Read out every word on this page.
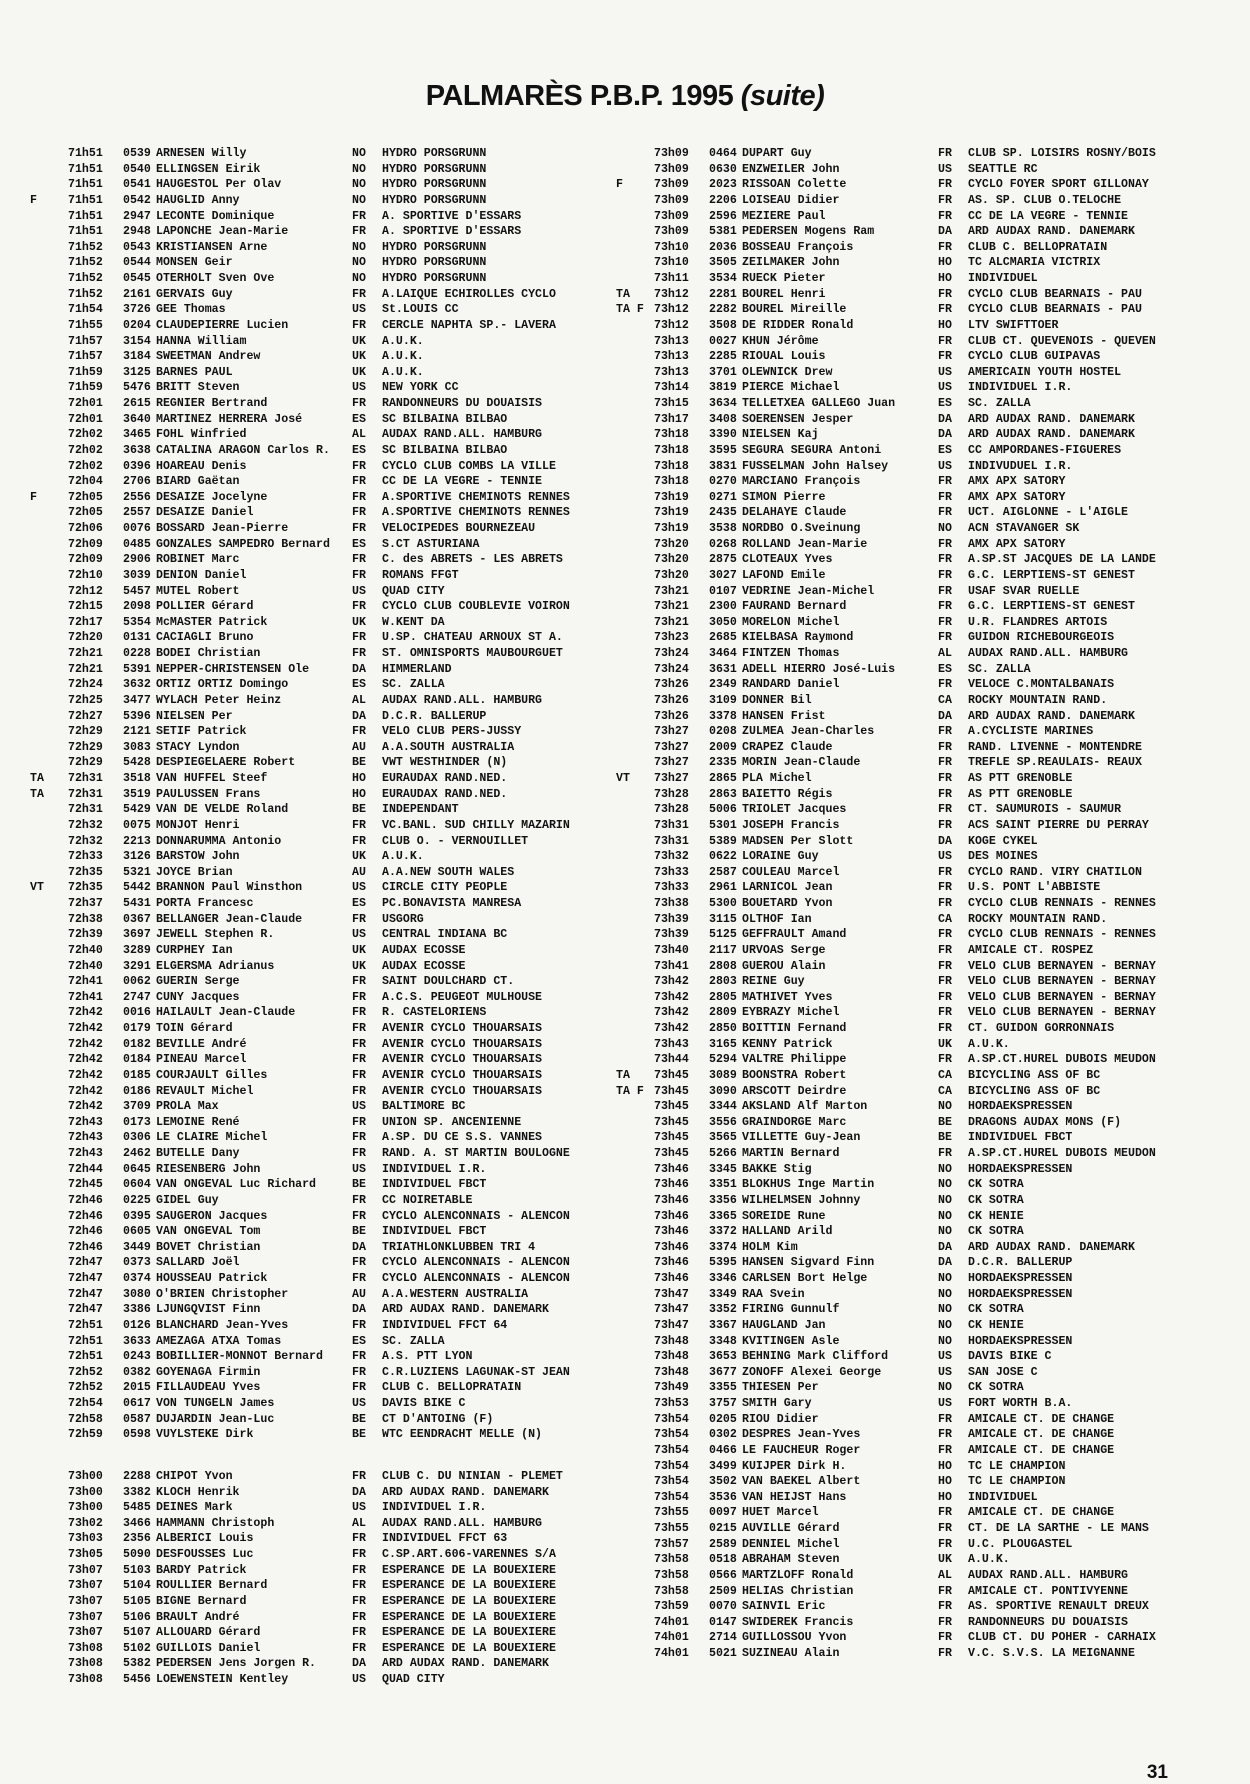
PALMARÈS P.B.P. 1995 (suite)
71h51 0539 ARNESEN Willy	NO HYDRO PORSGRUNN
71h51 0540 ELLINGSEN Eirik	NO HYDRO PORSGRUNN
71h51 0541 HAUGESTOL Per Olav	NO HYDRO PORSGRUNN
F	71h51 0542 HAUGLID Anny	NO HYDRO PORSGRUNN
71h51 2947 LECONTE Dominique	FR A. SPORTIVE D'ESSARS
71h51 2948 LAPONCHE Jean-Marie	FR A. SPORTIVE D'ESSARS
71h52 0543 KRISTIANSEN Arne	NO HYDRO PORSGRUNN
71h52 0544 MONSEN Geir	NO HYDRO PORSGRUNN
71h52 0545 OTERHOLT Sven Ove	NO HYDRO PORSGRUNN
71h52 2161 GERVAIS Guy	FR A.LAIQUE ECHIROLLES CYCLO
71h54 3726 GEE Thomas	US St.LOUIS CC
71h55 0204 CLAUDEPIERRE Lucien	FR CERCLE NAPHTA SP.- LAVERA
71h57 3154 HANNA William	UK A.U.K.
71h57 3184 SWEETMAN Andrew	UK A.U.K.
71h59 3125 BARNES PAUL	UK A.U.K.
71h59 5476 BRITT Steven	US NEW YORK CC
72h01 2615 REGNIER Bertrand	FR RANDONNEURS DU DOUAISIS
72h01 3640 MARTINEZ HERRERA José	ES SC BILBAINA BILBAO
72h02 3465 FOHL Winfried	AL AUDAX RAND.ALL. HAMBURG
72h02 3638 CATALINA ARAGON Carlos R. ES SC BILBAINA BILBAO
72h02 0396 HOAREAU Denis	FR CYCLO CLUB COMBS LA VILLE
72h04 2706 BIARD Gaëtan	FR CC DE LA VEGRE - TENNIE
F	72h05 2556 DESAIZE Jocelyne	FR A.SPORTIVE CHEMINOTS RENNES
72h05 2557 DESAIZE Daniel	FR A.SPORTIVE CHEMINOTS RENNES
72h06 0076 BOSSARD Jean-Pierre	FR VELOCIPEDES BOURNEZEAU
72h09 0485 GONZALES SAMPEDRO Bernard ES S.CT ASTURIANA
72h09 2906 ROBINET Marc	FR C. des ABRETS - LES ABRETS
72h10 3039 DENION Daniel	FR ROMANS FFGT
72h12 5457 MUTEL Robert	US QUAD CITY
72h15 2098 POLLIER Gérard	FR CYCLO CLUB COUBLEVIE VOIRON
72h17 5354 McMASTER Patrick	UK W.KENT DA
72h20 0131 CACIAGLI Bruno	FR U.SP. CHATEAU ARNOUX ST A.
72h21 0228 BODEI Christian	FR ST. OMNISPORTS MAUBOURGUET
72h21 5391 NEPPER-CHRISTENSEN Ole	DA HIMMERLAND
72h24 3632 ORTIZ ORTIZ Domingo	ES SC. ZALLA
72h25 3477 WYLACH Peter Heinz	AL AUDAX RAND.ALL. HAMBURG
72h27 5396 NIELSEN Per	DA D.C.R. BALLERUP
72h29 2121 SETIF Patrick	FR VELO CLUB PERS-JUSSY
72h29 3083 STACY Lyndon	AU A.A.SOUTH AUSTRALIA
72h29 5428 DESPIEGELAERE Robert	BE VWT WESTHINDER (N)
TA 72h31 3518 VAN HUFFEL Steef	HO EURAUDAX RAND.NED.
TA 72h31 3519 PAULUSSEN Frans	HO EURAUDAX RAND.NED.
72h31 5429 VAN DE VELDE Roland	BE INDEPENDANT
72h32 0075 MONJOT Henri	FR VC.BANL. SUD CHILLY MAZARIN
72h32 2213 DONNARUMMA Antonio	FR CLUB O. - VERNOUILLET
72h33 3126 BARSTOW John	UK A.U.K.
72h35 5321 JOYCE Brian	AU A.A.NEW SOUTH WALES
VT 72h35 5442 BRANNON Paul Winsthon	US CIRCLE CITY PEOPLE
72h37 5431 PORTA Francesc	ES PC.BONAVISTA MANRESA
72h38 0367 BELLANGER Jean-Claude	FR USGORG
72h39 3697 JEWELL Stephen R.	US CENTRAL INDIANA BC
72h40 3289 CURPHEY Ian	UK AUDAX ECOSSE
72h40 3291 ELGERSMA Adrianus	UK AUDAX ECOSSE
72h41 0062 GUERIN Serge	FR SAINT DOULCHARD CT.
72h41 2747 CUNY Jacques	FR A.C.S. PEUGEOT MULHOUSE
72h42 0016 HAILAULT Jean-Claude	FR R. CASTELORIENS
72h42 0179 TOIN Gérard	FR AVENIR CYCLO THOUARSAIS
72h42 0182 BEVILLE André	FR AVENIR CYCLO THOUARSAIS
72h42 0184 PINEAU Marcel	FR AVENIR CYCLO THOUARSAIS
72h42 0185 COURJAULT Gilles	FR AVENIR CYCLO THOUARSAIS
72h42 0186 REVAULT Michel	FR AVENIR CYCLO THOUARSAIS
72h42 3709 PROLA Max	US BALTIMORE BC
72h43 0173 LEMOINE René	FR UNION SP. ANCENIENNE
72h43 0306 LE CLAIRE Michel	FR A.SP. DU CE S.S. VANNES
72h43 2462 BUTELLE Dany	FR RAND. A. ST MARTIN BOULOGNE
72h44 0645 RIESENBERG John	US INDIVIDUEL I.R.
72h45 0604 VAN ONGEVAL Luc Richard	BE INDIVIDUEL FBCT
72h46 0225 GIDEL Guy	FR CC NOIRETABLE
72h46 0395 SAUGERON Jacques	FR CYCLO ALENCONNAIS - ALENCON
72h46 0605 VAN ONGEVAL Tom	BE INDIVIDUEL FBCT
72h46 3449 BOVET Christian	DA TRIATHLONKLUBBEN TRI 4
72h47 0373 SALLARD Joël	FR CYCLO ALENCONNAIS - ALENCON
72h47 0374 HOUSSEAU Patrick	FR CYCLO ALENCONNAIS - ALENCON
72h47 3080 O'BRIEN Christopher	AU A.A.WESTERN AUSTRALIA
72h47 3386 LJUNGQVIST Finn	DA ARD AUDAX RAND. DANEMARK
72h51 0126 BLANCHARD Jean-Yves	FR INDIVIDUEL FFCT 64
72h51 3633 AMEZAGA ATXA Tomas	ES SC. ZALLA
72h51 0243 BOBILLIER-MONNOT Bernard	FR A.S. PTT LYON
72h52 0382 GOYENAGA Firmin	FR C.R.LUZIENS LAGUNAK-ST JEAN
72h52 2015 FILLAUDEAU Yves	FR CLUB C. BELLOPRATAIN
72h54 0617 VON TUNGELN James	US DAVIS BIKE C
72h58 0587 DUJARDIN Jean-Luc	BE CT D'ANTOING (F)
72h59 0598 VUYLSTEKE Dirk	BE WTC EENDRACHT MELLE (N)
73h00 2288 CHIPOT Yvon	FR CLUB C. DU NINIAN - PLEMET
73h00 3382 KLOCH Henrik	DA ARD AUDAX RAND. DANEMARK
73h00 5485 DEINES Mark	US INDIVIDUEL I.R.
73h02 3466 HAMMANN Christoph	AL AUDAX RAND.ALL. HAMBURG
73h03 2356 ALBERICI Louis	FR INDIVIDUEL FFCT 63
73h05 5090 DESFOUSSES Luc	FR C.SP.ART.606-VARENNES S/A
73h07 5103 BARDY Patrick	FR ESPERANCE DE LA BOUEXIERE
73h07 5104 ROULLIER Bernard	FR ESPERANCE DE LA BOUEXIERE
73h07 5105 BIGNE Bernard	FR ESPERANCE DE LA BOUEXIERE
73h07 5106 BRAULT André	FR ESPERANCE DE LA BOUEXIERE
73h07 5107 ALLOUARD Gérard	FR ESPERANCE DE LA BOUEXIERE
73h08 5102 GUILLOIS Daniel	FR ESPERANCE DE LA BOUEXIERE
73h08 5382 PEDERSEN Jens Jorgen R.	DA ARD AUDAX RAND. DANEMARK
73h08 5456 LOEWENSTEIN Kentley	US QUAD CITY
73h09 0464 DUPART Guy	FR CLUB SP. LOISIRS ROSNY/BOIS
73h09 0630 ENZWEILER John	US SEATTLE RC
F	73h09 2023 RISSOAN Colette	FR CYCLO FOYER SPORT GILLONAY
73h09 2206 LOISEAU Didier	FR AS. SP. CLUB O.TELOCHE
73h09 2596 MEZIERE Paul	FR CC DE LA VEGRE - TENNIE
73h09 5381 PEDERSEN Mogens Ram	DA ARD AUDAX RAND. DANEMARK
73h10 2036 BOSSEAU François	FR CLUB C. BELLOPRATAIN
73h10 3505 ZEILMAKER John	HO TC ALCMARIA VICTRIX
73h11 3534 RUECK Pieter	HO INDIVIDUEL
TA 73h12 2281 BOUREL Henri	FR CYCLO CLUB BEARNAIS - PAU
TA F 73h12 2282 BOUREL Mireille	FR CYCLO CLUB BEARNAIS - PAU
73h12 3508 DE RIDDER Ronald	HO LTV SWIFTTOER
73h13 0027 KHUN Jérôme	FR CLUB CT. QUEVENOIS - QUEVEN
73h13 2285 RIOUAL Louis	FR CYCLO CLUB GUIPAVAS
73h13 3701 OLEWNICK Drew	US AMERICAIN YOUTH HOSTEL
73h14 3819 PIERCE Michael	US INDIVIDUEL I.R.
73h15 3634 TELLETXEA GALLEGO Juan	ES SC. ZALLA
73h17 3408 SOERENSEN Jesper	DA ARD AUDAX RAND. DANEMARK
73h18 3390 NIELSEN Kaj	DA ARD AUDAX RAND. DANEMARK
73h18 3595 SEGURA SEGURA Antoni	ES CC AMPORDANES-FIGUERES
73h18 3831 FUSSELMAN John Halsey	US INDIVUDUEL I.R.
73h18 0270 MARCIANO François	FR AMX APX SATORY
73h19 0271 SIMON Pierre	FR AMX APX SATORY
73h19 2435 DELAHAYE Claude	FR UCT. AIGLONNE - L'AIGLE
73h19 3538 NORDBO O.Sveinung	NO ACN STAVANGER SK
73h20 0268 ROLLAND Jean-Marie	FR AMX APX SATORY
73h20 2875 CLOTEAUX Yves	FR A.SP.ST JACQUES DE LA LANDE
73h20 3027 LAFOND Emile	FR G.C. LERPTIENS-ST GENEST
73h21 0107 VEDRINE Jean-Michel	FR USAF SVAR RUELLE
73h21 2300 FAURAND Bernard	FR G.C. LERPTIENS-ST GENEST
73h21 3050 MORELON Michel	FR U.R. FLANDRES ARTOIS
73h23 2685 KIELBASA Raymond	FR GUIDON RICHEBOURGEOIS
73h24 3464 FINTZEN Thomas	AL AUDAX RAND.ALL. HAMBURG
73h24 3631 ADELL HIERRO José-Luis	ES SC. ZALLA
73h26 2349 RANDARD Daniel	FR VELOCE C.MONTALBANAIS
73h26 3109 DONNER Bil	CA ROCKY MOUNTAIN RAND.
73h26 3378 HANSEN Frist	DA ARD AUDAX RAND. DANEMARK
73h27 0208 ZULMEA Jean-Charles	FR A.CYCLISTE MARINES
73h27 2009 CRAPEZ Claude	FR RAND. LIVENNE - MONTENDRE
73h27 2335 MORIN Jean-Claude	FR TREFLE SP.REAULAIS- REAUX
VT 73h27 2865 PLA Michel	FR AS PTT GRENOBLE
73h28 2863 BAIETTO Régis	FR AS PTT GRENOBLE
73h28 5006 TRIOLET Jacques	FR CT. SAUMUROIS - SAUMUR
73h31 5301 JOSEPH Francis	FR ACS SAINT PIERRE DU PERRAY
73h31 5389 MADSEN Per Slott	DA KOGE CYKEL
73h32 0622 LORAINE Guy	US DES MOINES
73h33 2587 COULEAU Marcel	FR CYCLO RAND. VIRY CHATILON
73h33 2961 LARNICOL Jean	FR U.S. PONT L'ABBISTE
73h38 5300 BOUETARD Yvon	FR CYCLO CLUB RENNAIS - RENNES
73h39 3115 OLTHOF Ian	CA ROCKY MOUNTAIN RAND.
73h39 5125 GEFFRAULT Amand	FR CYCLO CLUB RENNAIS - RENNES
73h40 2117 URVOAS Serge	FR AMICALE CT. ROSPEZ
73h41 2808 GUEROU Alain	FR VELO CLUB BERNAYEN - BERNAY
73h42 2803 REINE Guy	FR VELO CLUB BERNAYEN - BERNAY
73h42 2805 MATHIVET Yves	FR VELO CLUB BERNAYEN - BERNAY
73h42 2809 EYBRAZY Michel	FR VELO CLUB BERNAYEN - BERNAY
73h42 2850 BOITTIN Fernand	FR CT. GUIDON GORRONNAIS
73h43 3165 KENNY Patrick	UK A.U.K.
73h44 5294 VALTRE Philippe	FR A.SP.CT.HUREL DUBOIS MEUDON
TA 73h45 3089 BOONSTRA Robert	CA BICYCLING ASS OF BC
TA F 73h45 3090 ARSCOTT Deirdre	CA BICYCLING ASS OF BC
73h45 3344 AKSLAND Alf Marton	NO HORDAEKSPRESSEN
73h45 3556 GRAINDORGE Marc	BE DRAGONS AUDAX MONS (F)
73h45 3565 VILLETTE Guy-Jean	BE INDIVIDUEL FBCT
73h45 5266 MARTIN Bernard	FR A.SP.CT.HUREL DUBOIS MEUDON
73h46 3345 BAKKE Stig	NO HORDAEKSPRESSEN
73h46 3351 BLOKHUS Inge Martin	NO CK SOTRA
73h46 3356 WILHELMSEN Johnny	NO CK SOTRA
73h46 3365 SOREIDE Rune	NO CK HENIE
73h46 3372 HALLAND Arild	NO CK SOTRA
73h46 3374 HOLM Kim	DA ARD AUDAX RAND. DANEMARK
73h46 5395 HANSEN Sigvard Finn	DA D.C.R. BALLERUP
73h46 3346 CARLSEN Bort Helge	NO HORDAEKSPRESSEN
73h47 3349 RAA Svein	NO HORDAEKSPRESSEN
73h47 3352 FIRING Gunnulf	NO CK SOTRA
73h47 3367 HAUGLAND Jan	NO CK HENIE
73h48 3348 KVITINGEN Asle	NO HORDAEKSPRESSEN
73h48 3653 BEHNING Mark Clifford	US DAVIS BIKE C
73h48 3677 ZONOFF Alexei George	US SAN JOSE C
73h49 3355 THIESEN Per	NO CK SOTRA
73h53 3757 SMITH Gary	US FORT WORTH B.A.
73h54 0205 RIOU Didier	FR AMICALE CT. DE CHANGE
73h54 0302 DESPRES Jean-Yves	FR AMICALE CT. DE CHANGE
73h54 0466 LE FAUCHEUR Roger	FR AMICALE CT. DE CHANGE
73h54 3499 KUIJPER Dirk H.	HO TC LE CHAMPION
73h54 3502 VAN BAEKEL Albert	HO TC LE CHAMPION
73h54 3536 VAN HEIJST Hans	HO INDIVIDUEL
73h55 0097 HUET Marcel	FR AMICALE CT. DE CHANGE
73h55 0215 AUVILLE Gérard	FR CT. DE LA SARTHE - LE MANS
73h57 2589 DENNIEL Michel	FR U.C. PLOUGASTEL
73h58 0518 ABRAHAM Steven	UK A.U.K.
73h58 0566 MARTZLOFF Ronald	AL AUDAX RAND.ALL. HAMBURG
73h58 2509 HELIAS Christian	FR AMICALE CT. PONTIVYENNE
73h59 0070 SAINVIL Eric	FR AS. SPORTIVE RENAULT DREUX
74h01 0147 SWIDEREK Francis	FR RANDONNEURS DU DOUAISIS
74h01 2714 GUILLOSSOU Yvon	FR CLUB CT. DU POHER - CARHAIX
74h01 5021 SUZINEAU Alain	FR V.C. S.V.S. LA MEIGNANNE
31
